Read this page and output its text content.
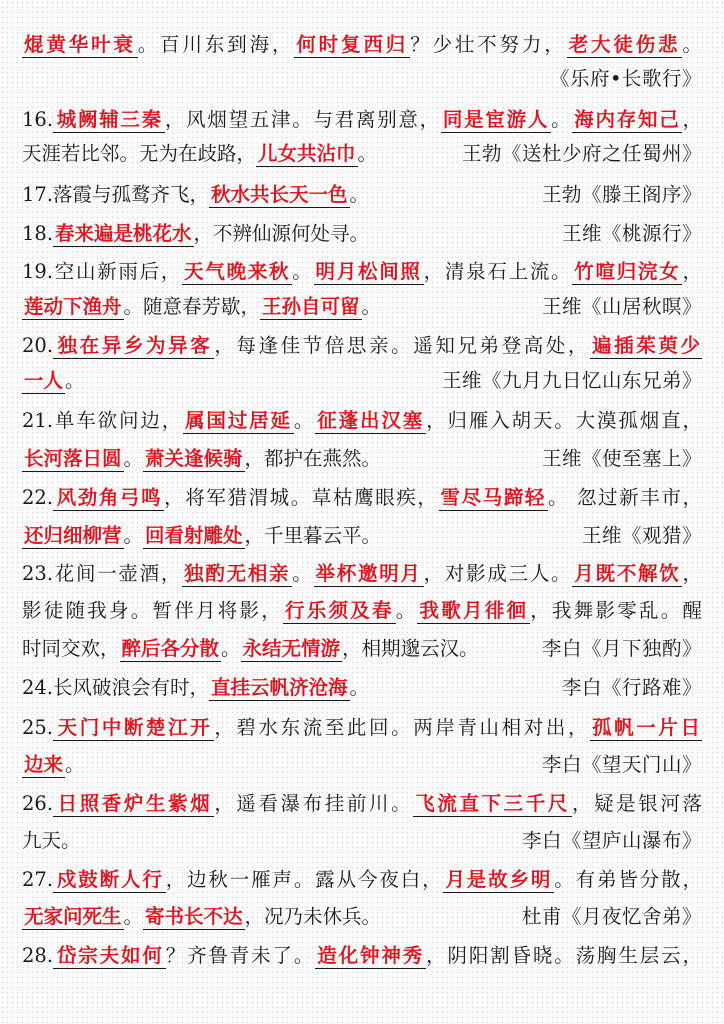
焜黄华叶衰 。百川东到海， 何时复西归 ？少壮不努力， 老大徒伤悲 。
《乐府•长歌行》
16. 城阙辅三秦 ，风烟望五津。与君离别意， 同是宦游人 。 海内存知己 ，
天涯若比邻。无为在歧路， 儿女共沾巾 。	王勃《送杜少府之任蜀州》
17.落霞与孤鹜齐飞， 秋水共长天一色 。	王勃《滕王阁序》
18. 春来遍是桃花水 ，不辨仙源何处寻。	王维《桃源行》
19.空山新雨后， 天气晚来秋 。 明月松间照 ，清泉石上流。 竹喧归浣女 ，
莲动下渔舟 。随意春芳歇， 王孙自可留 。	王维《山居秋暝》
20. 独在异乡为异客 ，每逢佳节倍思亲。遥知兄弟登高处， 遍插茱萸少
一人 。	王维《九月九日忆山东兄弟》
21.单车欲问边， 属国过居延 。 征蓬出汉塞 ，归雁入胡天。大漠孤烟直，
长河落日圆 。 萧关逢候骑 ，都护在燕然。	王维《使至塞上》
22. 风劲角弓鸣 ，将军猎渭城。草枯鹰眼疾， 雪尽马蹄轻 。 忽过新丰市，
还归细柳营 。 回看射雕处 ，千里暮云平。	王维《观猎》
23.花间一壶酒， 独酌无相亲 。 举杯邀明月 ，对影成三人。 月既不解饮 ，
影徒随我身。暂伴月将影， 行乐须及春 。 我歌月徘徊 ，我舞影零乱。醒
时同交欢， 醉后各分散 。 永结无情游 ，相期邈云汉。	李白《月下独酌》
24.长风破浪会有时， 直挂云帆济沧海 。	李白《行路难》
25. 天门中断楚江开 ，碧水东流至此回。两岸青山相对出， 孤帆一片日
边来 。	李白《望天门山》
26. 日照香炉生紫烟 ，遥看瀑布挂前川。 飞流直下三千尺 ，疑是银河落
九天。	李白《望庐山瀑布》
27. 戍鼓断人行 ，边秋一雁声。露从今夜白， 月是故乡明 。有弟皆分散，
无家问死生 。 寄书长不达 ，况乃未休兵。	杜甫《月夜忆舍弟》
28. 岱宗夫如何 ？齐鲁青未了。 造化钟神秀 ，阴阳割昏晓。荡胸生层云，
